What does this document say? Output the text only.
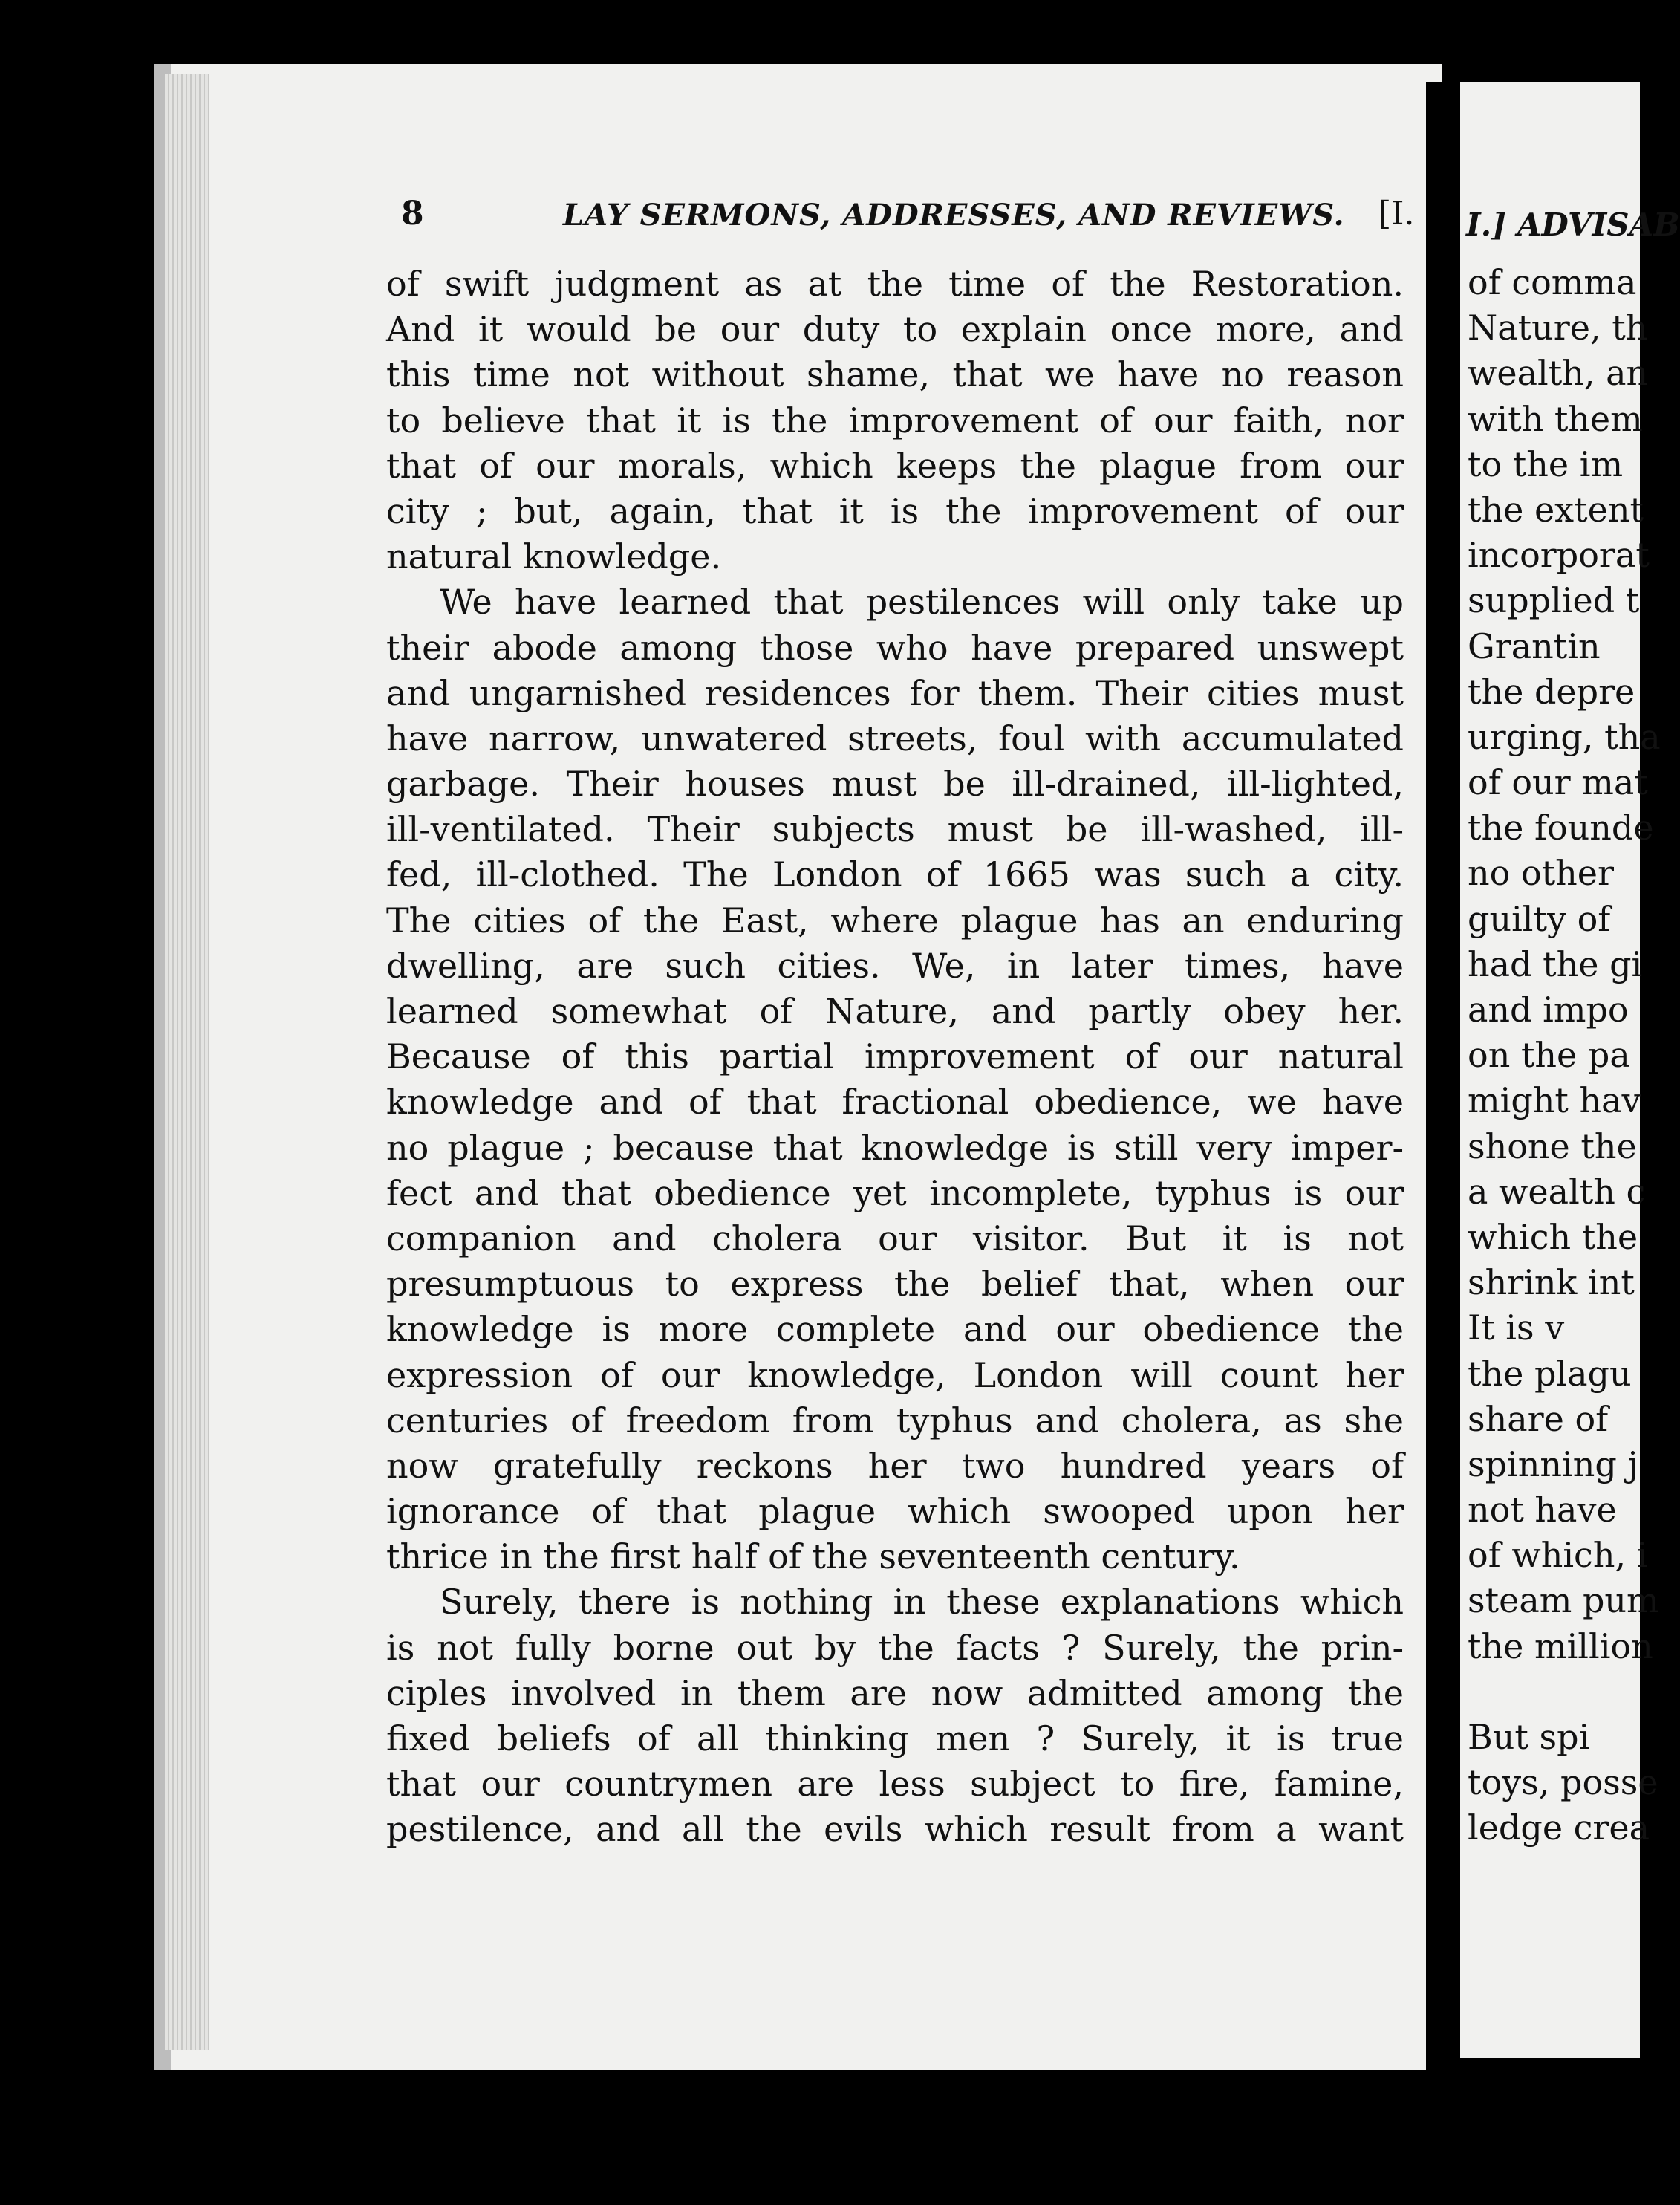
8	LAY SERMONS, ADDRESSES, AND REVIEWS. [I.
of swift judgment as at the time of the Restoration.
And it would be our duty to explain once more, and
this time not without shame, that we have no reason
to believe that it is the improvement of our faith, nor
that of our morals, which keeps the plague from our
city ; but, again, that it is the improvement of our
natural knowledge.
We have learned that pestilences will only take up
their abode among those who have prepared unswept
and ungarnished residences for them. Their cities must
have narrow, unwatered streets, foul with accumulated
garbage. Their houses must be ill-drained, ill-lighted,
ill-ventilated. Their subjects must be ill-washed, ill-
fed, ill-clothed. The London of 1665 was such a city.
The cities of the East, where plague has an enduring
dwelling, are such cities. We, in later times, have
learned somewhat of Nature, and partly obey her.
Because of this partial improvement of our natural
knowledge and of that fractional obedience, we have
no plague ; because that knowledge is still very imper-
fect and that obedience yet incomplete, typhus is our
companion and cholera our visitor. But it is not
presumptuous to express the belief that, when our
knowledge is more complete and our obedience the
expression of our knowledge, London will count her
centuries of freedom from typhus and cholera, as she
now gratefully reckons her two hundred years of
ignorance of that plague which swooped upon her
thrice in the first half of the seventeenth century.
Surely, there is nothing in these explanations which
is not fully borne out by the facts ? Surely, the prin-
ciples involved in them are now admitted among the
fixed beliefs of all thinking men ? Surely, it is true
that our countrymen are less subject to fire, famine,
pestilence, and all the evils which result from a want
I.] ADVISAB
of comma
Nature, th
wealth, an
with them
to the im
the extent
incorporat
supplied t
Grantin
the depre
urging, tha
of our mat
the founde
no other
guilty of
had the gi
and impo
on the pa
might hav
shone the
a wealth c
which the
shrink int
It is v
the plagu
share of
spinning j
not have
of which, i
steam pum
the million
But spi
toys, posse
ledge crea
